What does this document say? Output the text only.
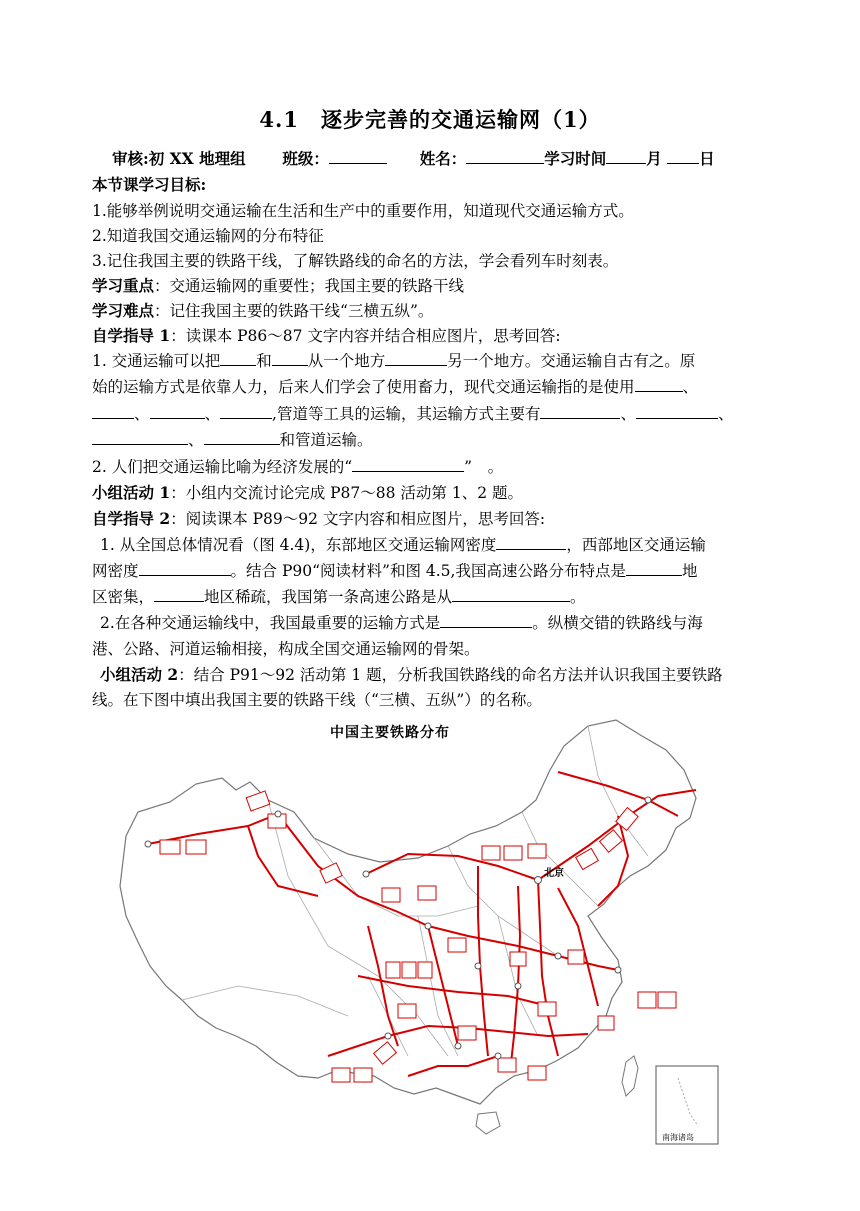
4.1　逐步完善的交通运输网（1）
审核:初 XX 地理组 班级：	姓名：	学习时间	月 日
本节课学习目标:
1.能够举例说明交通运输在生活和生产中的重要作用，知道现代交通运输方式。
2.知道我国交通运输网的分布特征
3.记住我国主要的铁路干线，了解铁路线的命名的方法，学会看列车时刻表。
学习重点：交通运输网的重要性；我国主要的铁路干线
学习难点：记住我国主要的铁路干线“三横五纵”。
自学指导 1：读课本 P86～87 文字内容并结合相应图片，思考回答:
1. 交通运输可以把 和 从一个地方	另一个地方。交通运输自古有之。原
始的运输方式是依靠人力，后来人们学会了使用畜力，现代交通运输指的是使用	、
、	、	,管道等工具的运输，其运输方式主要有	、	、
、	和管道运输。
2. 人们把交通运输比喻为经济发展的“	”　。
小组活动 1：小组内交流讨论完成 P87～88 活动第 1、2 题。
自学指导 2：阅读课本 P89～92 文字内容和相应图片，思考回答:
1. 从全国总体情况看（图 4.4)，东部地区交通运输网密度	，西部地区交通运输
网密度	。结合 P90“阅读材料”和图 4.5,我国高速公路分布特点是	地
区密集，	地区稀疏，我国第一条高速公路是从	。
2.在各种交通运输线中，我国最重要的运输方式是	。纵横交错的铁路线与海
港、公路、河道运输相接，构成全国交通运输网的骨架。
小组活动 2：结合 P91～92 活动第 1 题，分析我国铁路线的命名方法并认识我国主要铁路
线。在下图中填出我国主要的铁路干线（“三横、五纵”）的名称。
中国主要铁路分布
北京
南海诸岛
